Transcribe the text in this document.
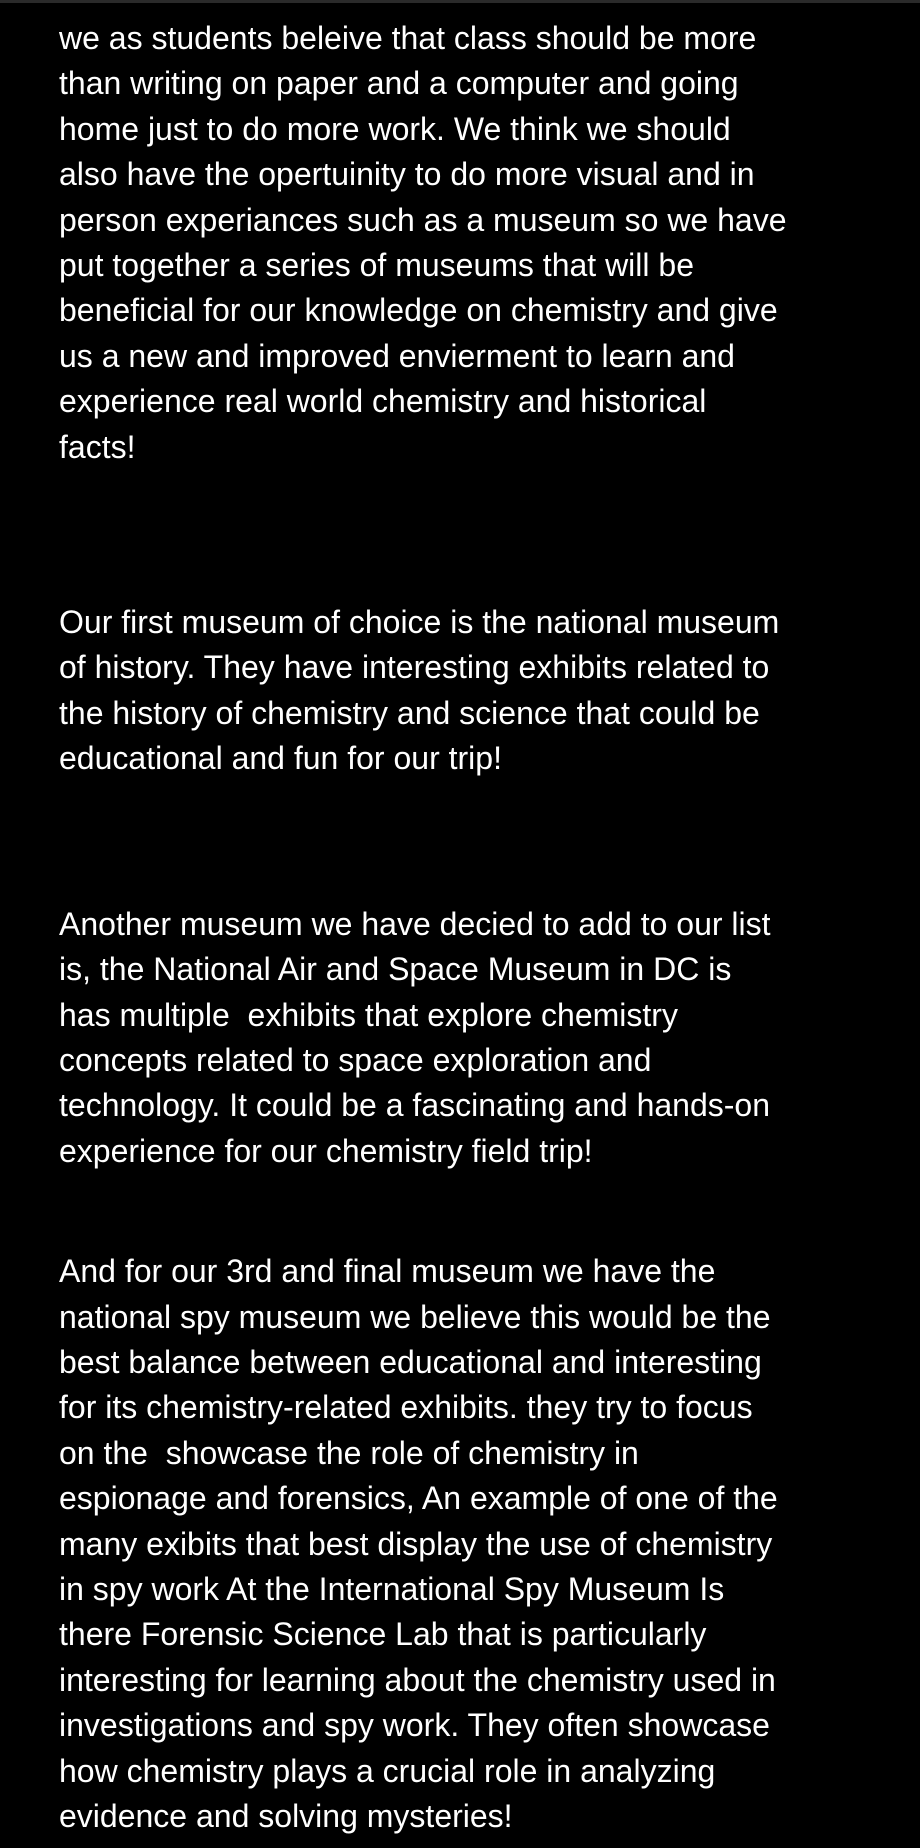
we as students beleive that class should be more
than writing on paper and a computer and going
home just to do more work. We think we should
also have the opertuinity to do more visual and in
person experiances such as a museum so we have
put together a series of museums that will be
beneficial for our knowledge on chemistry and give
us a new and improved envierment to learn and
experience real world chemistry and historical
facts!
Our first museum of choice is the national museum
of history. They have interesting exhibits related to
the history of chemistry and science that could be
educational and fun for our trip!
Another museum we have decied to add to our list
is, the National Air and Space Museum in DC is
has multiple  exhibits that explore chemistry
concepts related to space exploration and
technology. It could be a fascinating and hands-on
experience for our chemistry field trip!
And for our 3rd and final museum we have the
national spy museum we believe this would be the
best balance between educational and interesting
for its chemistry-related exhibits. they try to focus
on the  showcase the role of chemistry in
espionage and forensics, An example of one of the
many exibits that best display the use of chemistry
in spy work At the International Spy Museum Is
there Forensic Science Lab that is particularly
interesting for learning about the chemistry used in
investigations and spy work. They often showcase
how chemistry plays a crucial role in analyzing
evidence and solving mysteries!
